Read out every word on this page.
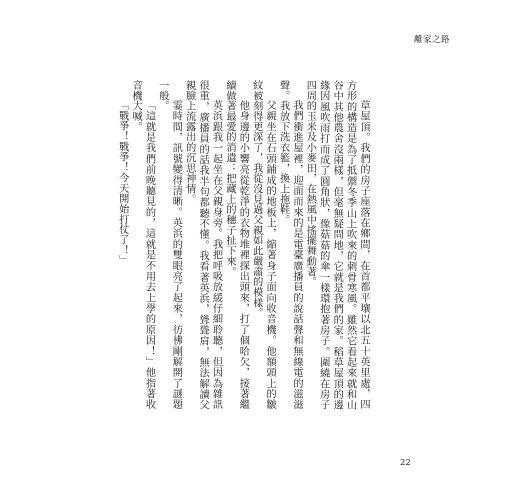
離家之路

草屋頂。我們的房子座落在鄉間，在首都平壤以北五十英里處，四方形的構造是為了抵禦冬季山上吹來的刺骨寒風。雖然它看起來就和山谷中其他農舍沒兩樣，但毫無疑問地，它就是我們的家。稻草屋頂的邊緣因風吹雨打而成了圓角狀，像菇菇的傘一樣環抱著房子。圍繞在房子四周的玉米及小麥田，在熱風中搖擺舞動著。

我們衝進屋裡，迎面而來的是電臺廣播員的說話聲和無線電的滋滋聲。我放下洗衣籃，換上拖鞋。

父親坐在石頭鋪成的地板上，縮著身子面向收音機。他額頭上的皺紋被刻得更深了，我從沒見過父親如此嚴肅的模樣。

他身邊的小響亮從乾淨的衣物堆裡探出頭來，打了個哈欠，接著繼續做著最愛的消遣：把藏上的穗子扯下來。

英浜跟我一起坐在父親身旁。我把呼吸放緩仔細聆聽，但因為雜訊很重，廣播員的話我半句都聽不懂。我看著英浜，聳聳肩，無法解讀父親臉上流露出的沉思神情。

霎時間，訊號變得清晰。英浜的雙眼亮了起來，彷彿剛解開了謎題一般。

「這就是我們前晚聽見的，這就是不用去上學的原因！」他指著收音機大喊。

「戰爭！戰爭！今天開始打仗了！」

22
